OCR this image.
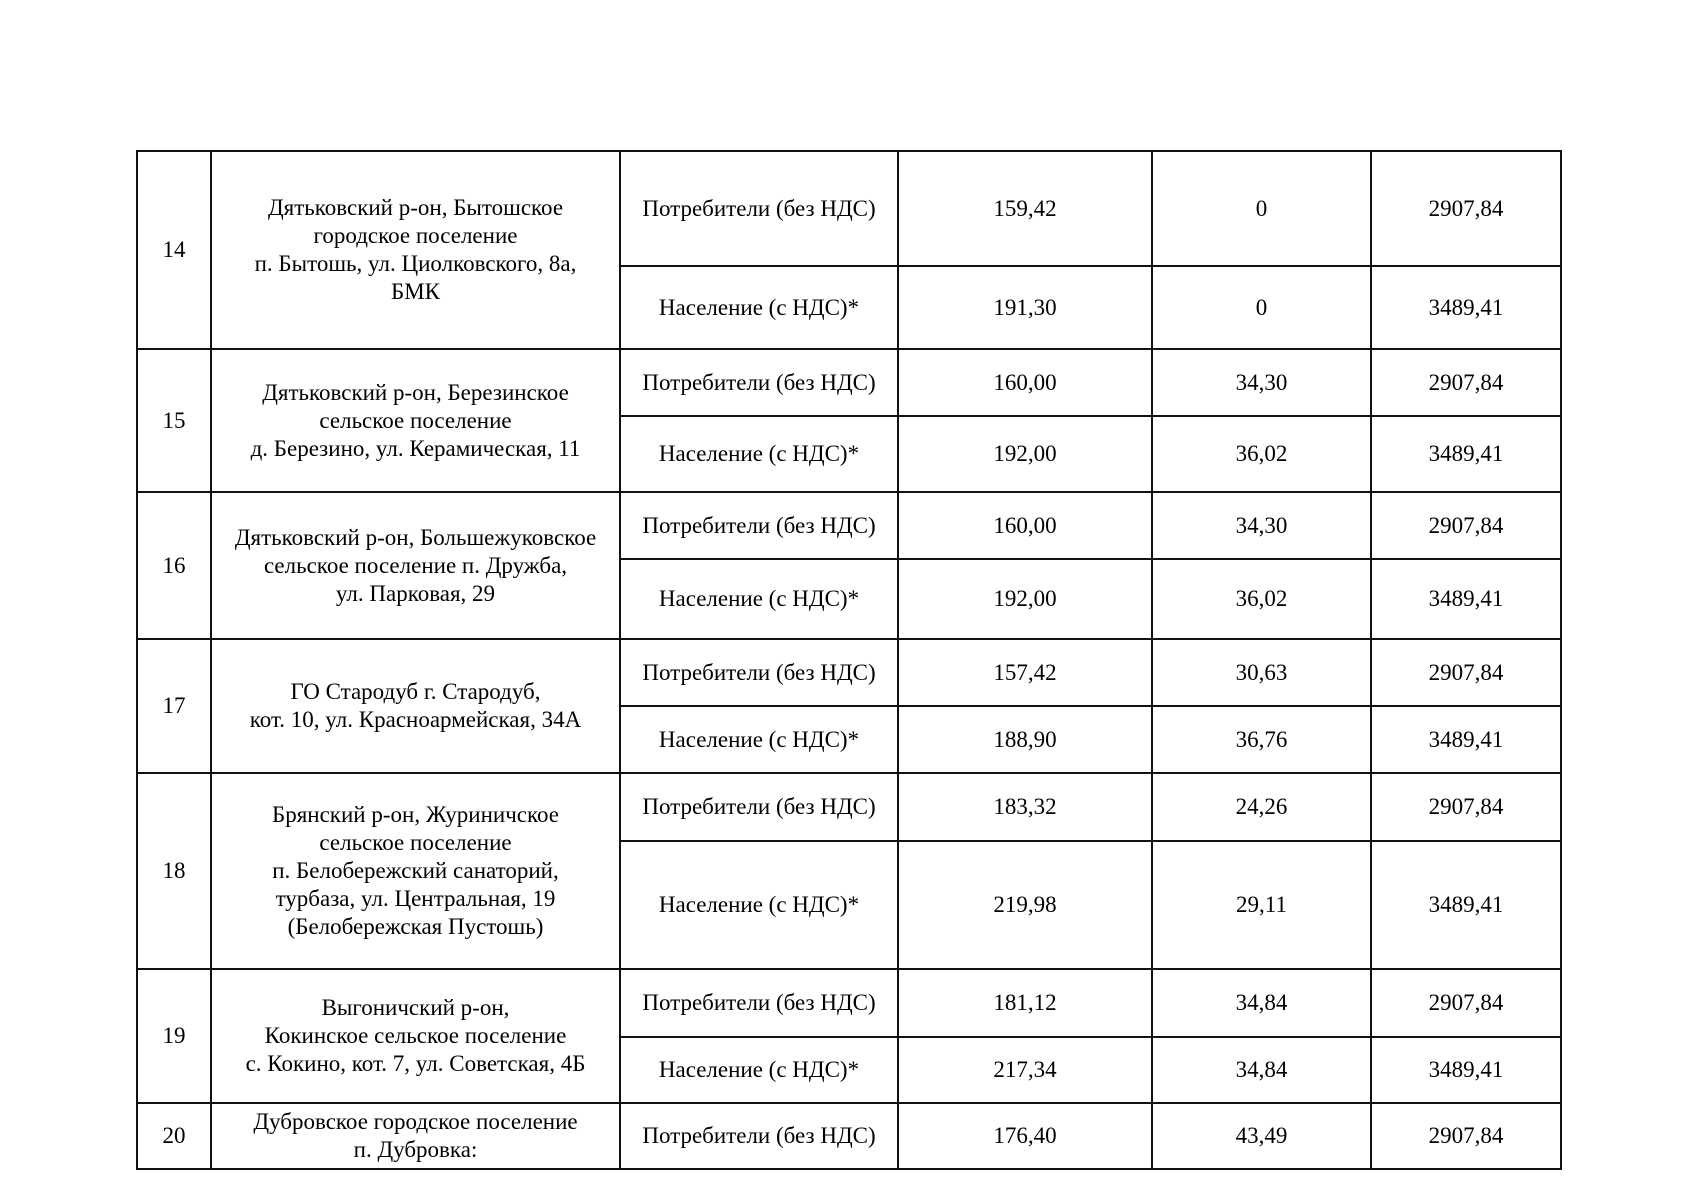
14	Дятьковский р-он, Бытошское
городское поселение
п. Бытошь, ул. Циолковского, 8а,
БМК	Потребители (без НДС)	159,42	0	2907,84
		Население (с НДС)*	191,30	0	3489,41
15	Дятьковский р-он, Березинское
сельское поселение
д. Березино, ул. Керамическая, 11	Потребители (без НДС)	160,00	34,30	2907,84
		Население (с НДС)*	192,00	36,02	3489,41
16	Дятьковский р-он, Большежуковское
сельское поселение п. Дружба,
ул. Парковая, 29	Потребители (без НДС)	160,00	34,30	2907,84
		Население (с НДС)*	192,00	36,02	3489,41
17	ГО Стародуб г. Стародуб,
кот. 10, ул. Красноармейская, 34А	Потребители (без НДС)	157,42	30,63	2907,84
		Население (с НДС)*	188,90	36,76	3489,41
18	Брянский р-он, Журиничское
сельское поселение
п. Белобережский санаторий,
турбаза, ул. Центральная, 19
(Белобережская Пустошь)	Потребители (без НДС)	183,32	24,26	2907,84
		Население (с НДС)*	219,98	29,11	3489,41
19	Выгоничский р-он,
Кокинское сельское поселение
с. Кокино, кот. 7, ул. Советская, 4Б	Потребители (без НДС)	181,12	34,84	2907,84
		Население (с НДС)*	217,34	34,84	3489,41
20	Дубровское городское поселение
п. Дубровка:	Потребители (без НДС)	176,40	43,49	2907,84
